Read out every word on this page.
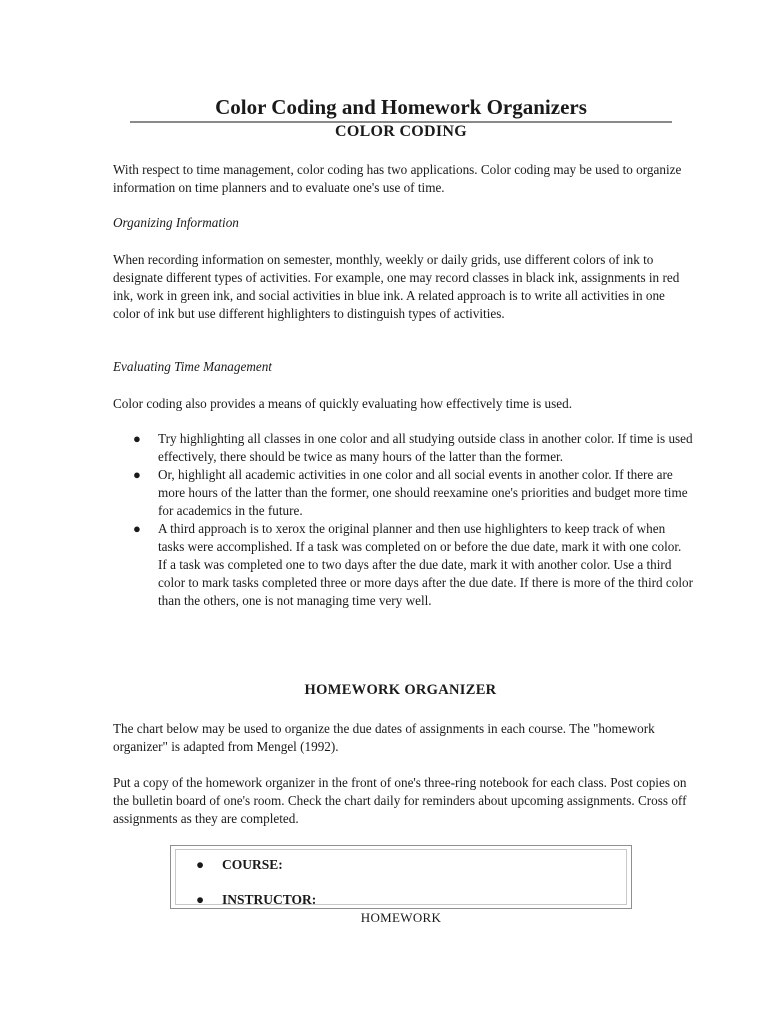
Color Coding and Homework Organizers
COLOR CODING

With respect to time management, color coding has two applications. Color coding may be used to organize information on time planners and to evaluate one's use of time.

Organizing Information

When recording information on semester, monthly, weekly or daily grids, use different colors of ink to designate different types of activities. For example, one may record classes in black ink, assignments in red ink, work in green ink, and social activities in blue ink. A related approach is to write all activities in one color of ink but use different highlighters to distinguish types of activities.

Evaluating Time Management

Color coding also provides a means of quickly evaluating how effectively time is used.

● Try highlighting all classes in one color and all studying outside class in another color. If time is used effectively, there should be twice as many hours of the latter than the former.
● Or, highlight all academic activities in one color and all social events in another color. If there are more hours of the latter than the former, one should reexamine one's priorities and budget more time for academics in the future.
● A third approach is to xerox the original planner and then use highlighters to keep track of when tasks were accomplished. If a task was completed on or before the due date, mark it with one color. If a task was completed one to two days after the due date, mark it with another color. Use a third color to mark tasks completed three or more days after the due date. If there is more of the third color than the others, one is not managing time very well.
HOMEWORK ORGANIZER

The chart below may be used to organize the due dates of assignments in each course. The "homework organizer" is adapted from Mengel (1992).

Put a copy of the homework organizer in the front of one's three-ring notebook for each class. Post copies on the bulletin board of one's room. Check the chart daily for reminders about upcoming assignments. Cross off assignments as they are completed.

● COURSE:
● INSTRUCTOR:

HOMEWORK
